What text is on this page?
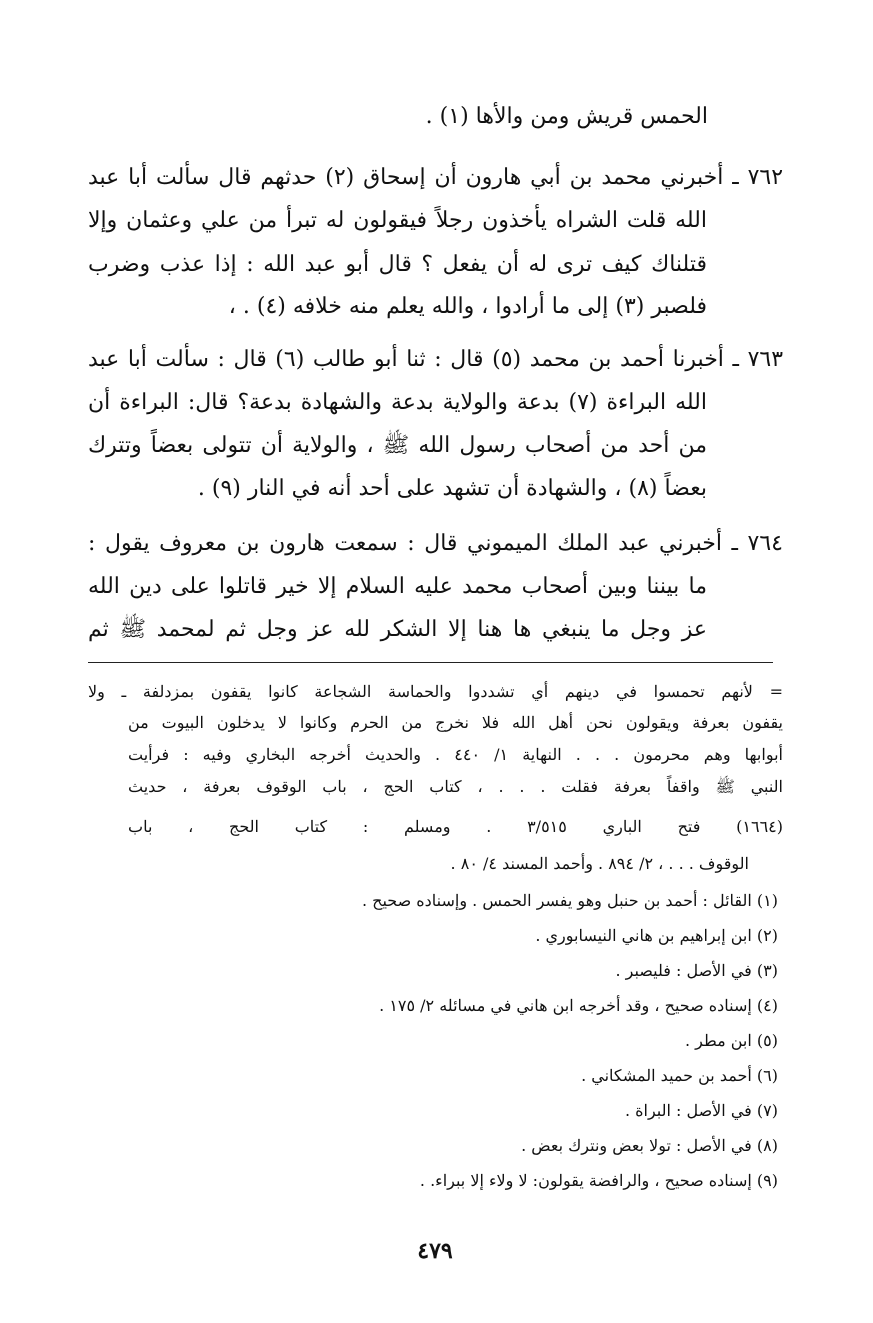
الحمس قريش ومن والأها (١) .
٧٦٢ ـ أخبرني محمد بن أبي هارون أن إسحاق (٢) حدثهم قال سألت أبا عبد
الله قلت الشراه يأخذون رجلاً فيقولون له تبرأ من علي وعثمان وإلا
قتلناك كيف ترى له أن يفعل ؟ قال أبو عبد الله : إذا عذب وضرب
فلصبر (٣) إلى ما أرادوا ، والله يعلم منه خلافه (٤) . ،
٧٦٣ ـ أخبرنا أحمد بن محمد (٥) قال : ثنا أبو طالب (٦) قال : سألت أبا عبد
الله البراءة (٧) بدعة والولاية بدعة والشهادة بدعة؟ قال: البراءة أن
من أحد من أصحاب رسول الله ﷺ ، والولاية أن تتولى بعضاً وتترك
بعضاً (٨) ، والشهادة أن تشهد على أحد أنه في النار (٩) .
٧٦٤ ـ أخبرني عبد الملك الميموني قال : سمعت هارون بن معروف يقول :
ما بيننا وبين أصحاب محمد عليه السلام إلا خير قاتلوا على دين الله
عز وجل ما ينبغي ها هنا إلا الشكر لله عز وجل ثم لمحمد ﷺ ثم
= لأنهم تحمسوا في دينهم أي تشددوا والحماسة الشجاعة كانوا يقفون بمزدلفة ـ ولا
يقفون بعرفة ويقولون نحن أهل الله فلا نخرج من الحرم وكانوا لا يدخلون البيوت من
أبوابها وهم محرمون . . . النهاية ١/ ٤٤٠ . والحديث أخرجه البخاري وفيه : فرأيت
النبي ﷺ واقفاً بعرفة فقلت . . . ، كتاب الحج ، باب الوقوف بعرفة ، حديث
(١٦٦٤) فتح الباري ٣/٥١٥ . ومسلم : كتاب الحج ، باب
الوقوف . . . ، ٢/ ٨٩٤ . وأحمد المسند ٤/ ٨٠ .
(١) القائل : أحمد بن حنبل وهو يفسر الحمس . وإسناده صحيح .
(٢) ابن إبراهيم بن هاني النيسابوري .
(٣) في الأصل : فليصبر .
(٤) إسناده صحيح ، وقد أخرجه ابن هاني في مسائله ٢/ ١٧٥ .
(٥) ابن مطر .
(٦) أحمد بن حميد المشكاني .
(٧) في الأصل : البراة .
(٨) في الأصل : تولا بعض ونترك بعض .
(٩) إسناده صحيح ، والرافضة يقولون: لا ولاء إلا ببراء. .
٤٧٩
